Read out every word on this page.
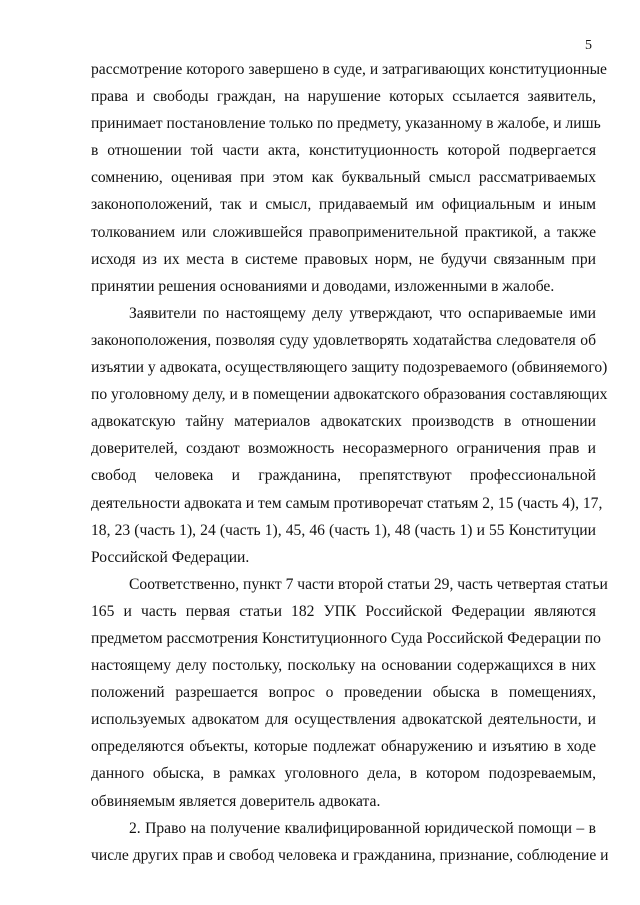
5
рассмотрение которого завершено в суде, и затрагивающих конституционные
права и свободы граждан, на нарушение которых ссылается заявитель,
принимает постановление только по предмету, указанному в жалобе, и лишь
в отношении той части акта, конституционность которой подвергается
сомнению, оценивая при этом как буквальный смысл рассматриваемых
законоположений, так и смысл, придаваемый им официальным и иным
толкованием или сложившейся правоприменительной практикой, а также
исходя из их места в системе правовых норм, не будучи связанным при
принятии решения основаниями и доводами, изложенными в жалобе.
Заявители по настоящему делу утверждают, что оспариваемые ими
законоположения, позволяя суду удовлетворять ходатайства следователя об
изъятии у адвоката, осуществляющего защиту подозреваемого (обвиняемого)
по уголовному делу, и в помещении адвокатского образования составляющих
адвокатскую тайну материалов адвокатских производств в отношении
доверителей, создают возможность несоразмерного ограничения прав и
свобод человека и гражданина, препятствуют профессиональной
деятельности адвоката и тем самым противоречат статьям 2, 15 (часть 4), 17,
18, 23 (часть 1), 24 (часть 1), 45, 46 (часть 1), 48 (часть 1) и 55 Конституции
Российской Федерации.
Соответственно, пункт 7 части второй статьи 29, часть четвертая статьи
165 и часть первая статьи 182 УПК Российской Федерации являются
предметом рассмотрения Конституционного Суда Российской Федерации по
настоящему делу постольку, поскольку на основании содержащихся в них
положений разрешается вопрос о проведении обыска в помещениях,
используемых адвокатом для осуществления адвокатской деятельности, и
определяются объекты, которые подлежат обнаружению и изъятию в ходе
данного обыска, в рамках уголовного дела, в котором подозреваемым,
обвиняемым является доверитель адвоката.
2. Право на получение квалифицированной юридической помощи – в
числе других прав и свобод человека и гражданина, признание, соблюдение и
